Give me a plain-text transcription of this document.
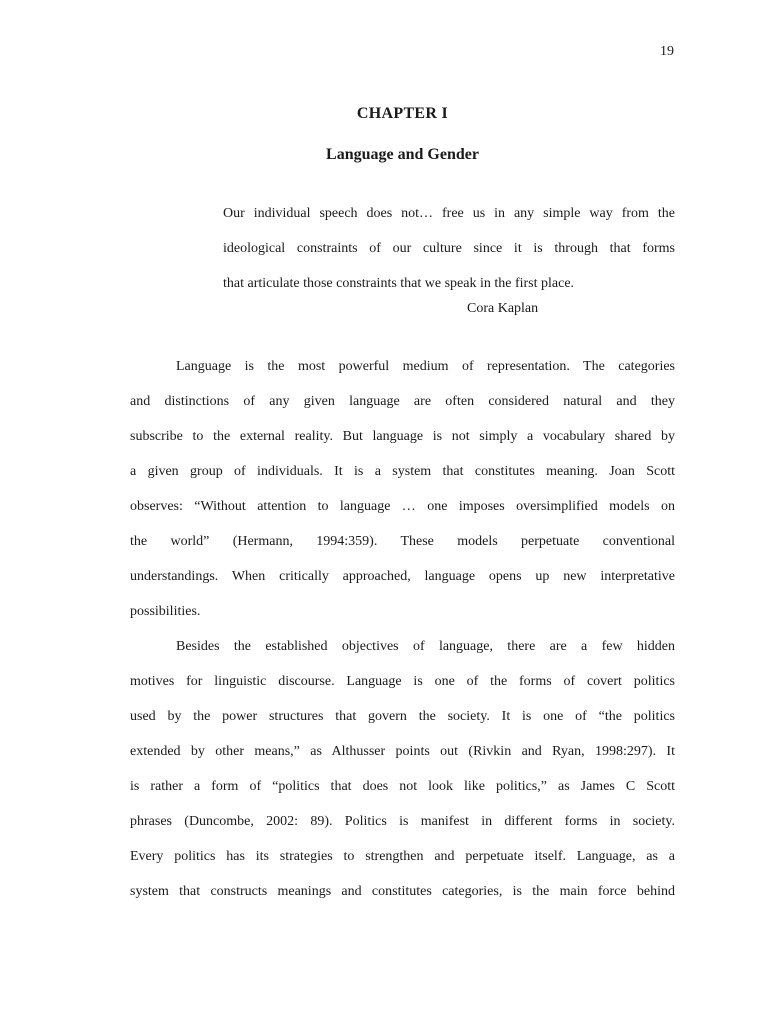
19
CHAPTER I
Language and Gender
Our individual speech does not… free us in any simple way from the
ideological constraints of our culture since it is through that forms
that articulate those constraints that we speak in the first place.
Cora Kaplan
Language is the most powerful medium of representation. The categories
and distinctions of any given language are often considered natural and they
subscribe to the external reality. But language is not simply a vocabulary shared by
a given group of individuals. It is a system that constitutes meaning. Joan Scott
observes: “Without attention to language … one imposes oversimplified models on
the world” (Hermann, 1994:359). These models perpetuate conventional
understandings. When critically approached, language opens up new interpretative
possibilities.
Besides the established objectives of language, there are a few hidden
motives for linguistic discourse. Language is one of the forms of covert politics
used by the power structures that govern the society. It is one of “the politics
extended by other means,” as Althusser points out (Rivkin and Ryan, 1998:297). It
is rather a form of “politics that does not look like politics,” as James C Scott
phrases (Duncombe, 2002: 89). Politics is manifest in different forms in society.
Every politics has its strategies to strengthen and perpetuate itself. Language, as a
system that constructs meanings and constitutes categories, is the main force behind
